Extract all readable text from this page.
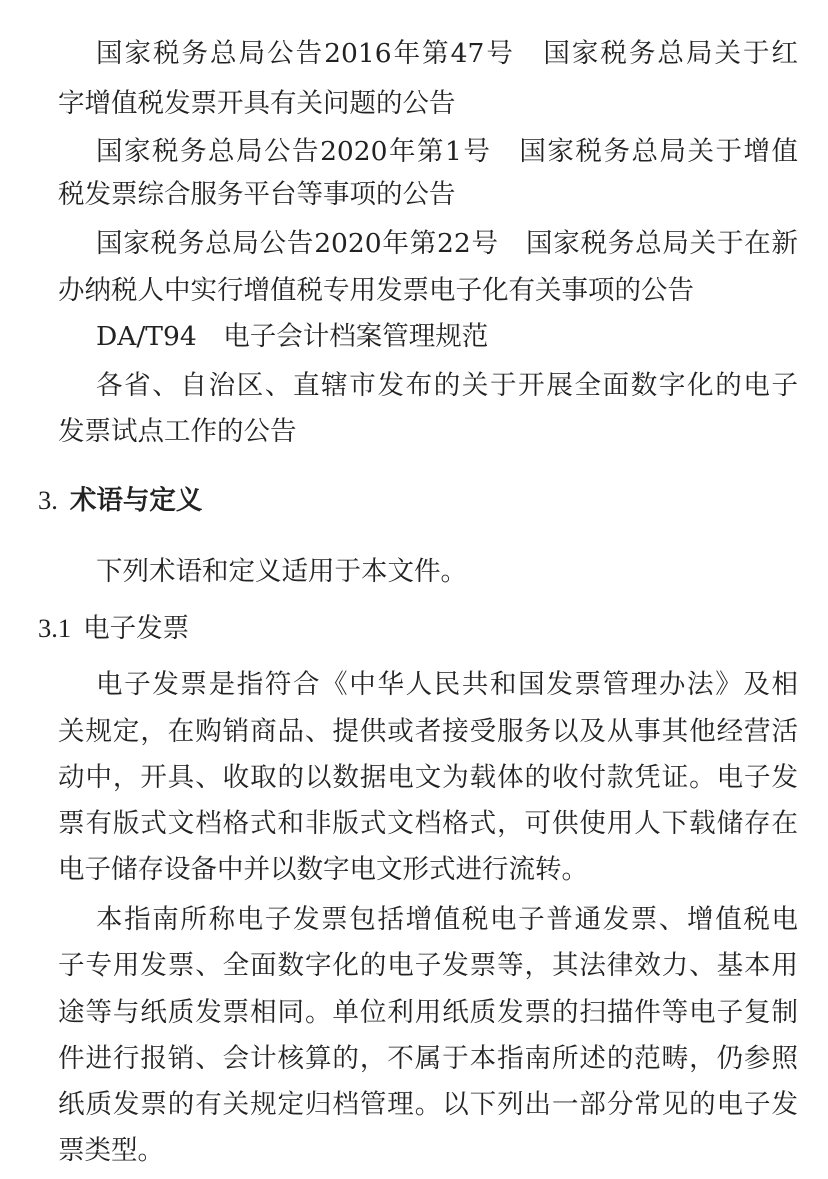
国家税务总局公告2016年第47号　国家税务总局关于红
字增值税发票开具有关问题的公告
国家税务总局公告2020年第1号　国家税务总局关于增值
税发票综合服务平台等事项的公告
国家税务总局公告2020年第22号　国家税务总局关于在新
办纳税人中实行增值税专用发票电子化有关事项的公告
DA/T94　电子会计档案管理规范
各省、自治区、直辖市发布的关于开展全面数字化的电子
发票试点工作的公告
3. 术语与定义
下列术语和定义适用于本文件。
3.1 电子发票
电子发票是指符合《中华人民共和国发票管理办法》及相
关规定，在购销商品、提供或者接受服务以及从事其他经营活
动中，开具、收取的以数据电文为载体的收付款凭证。电子发
票有版式文档格式和非版式文档格式，可供使用人下载储存在
电子储存设备中并以数字电文形式进行流转。
本指南所称电子发票包括增值税电子普通发票、增值税电
子专用发票、全面数字化的电子发票等，其法律效力、基本用
途等与纸质发票相同。单位利用纸质发票的扫描件等电子复制
件进行报销、会计核算的，不属于本指南所述的范畴，仍参照
纸质发票的有关规定归档管理。以下列出一部分常见的电子发
票类型。
